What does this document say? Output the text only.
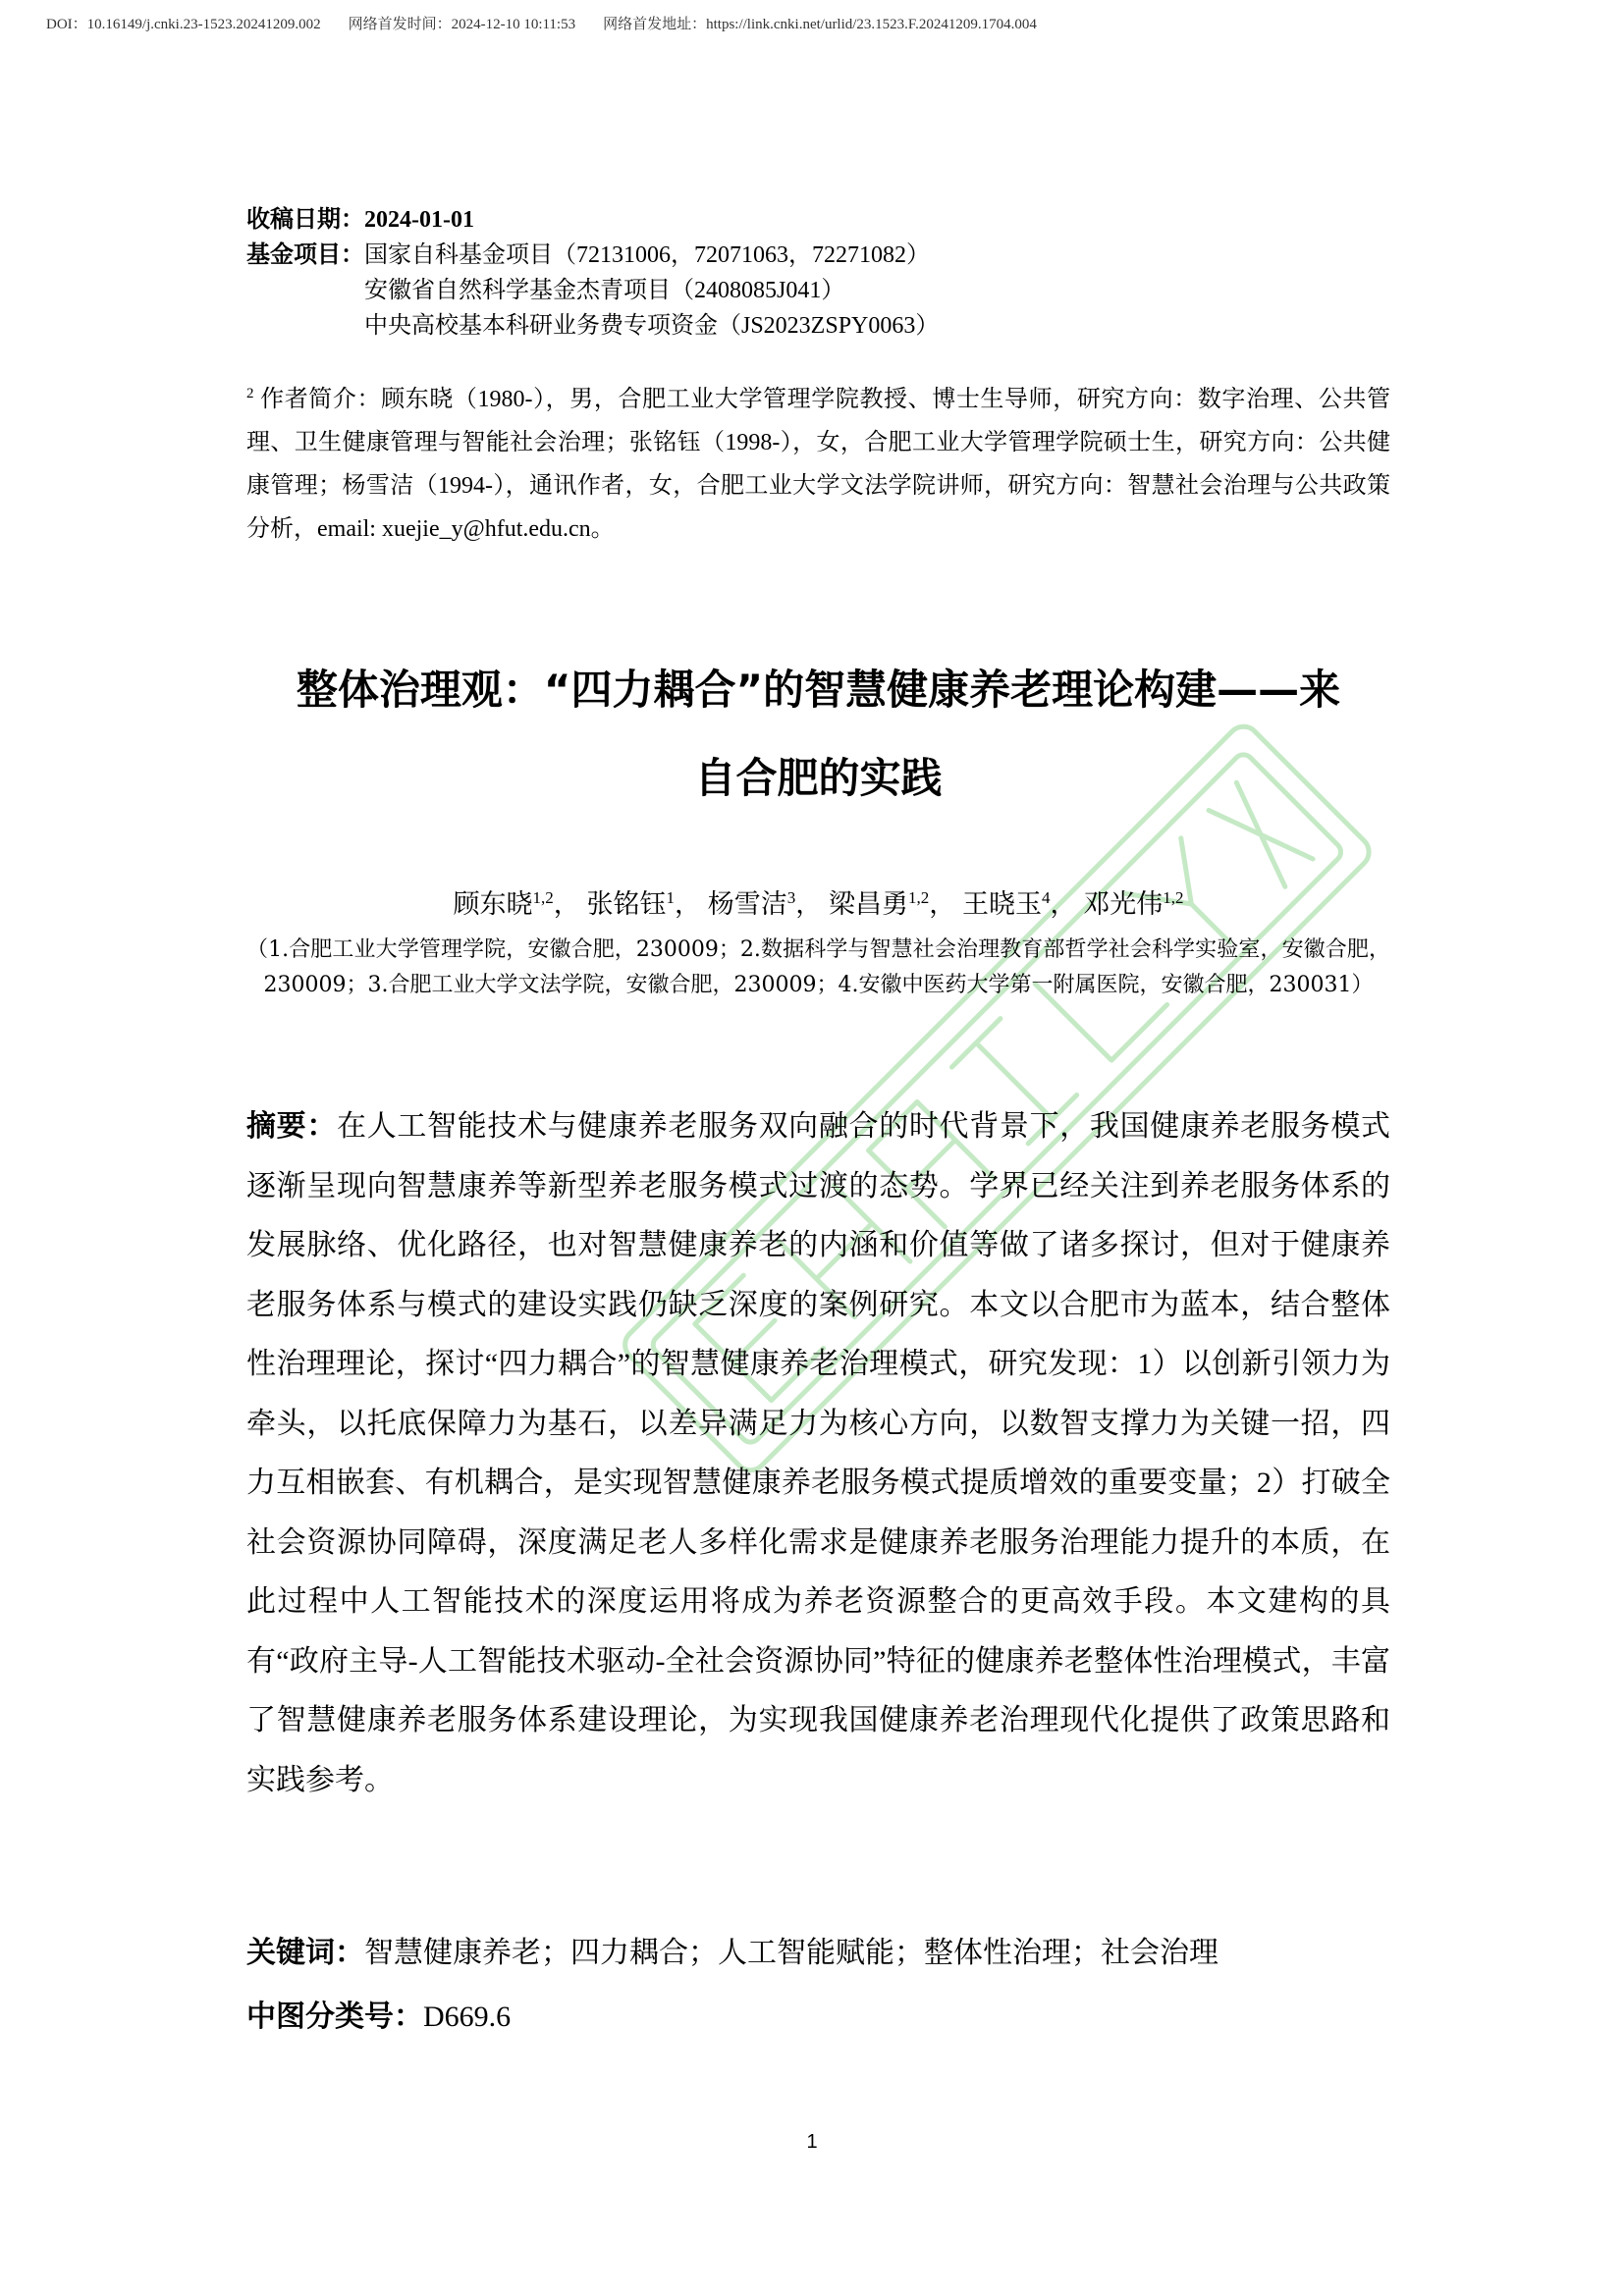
DOI：10.16149/j.cnki.23-1523.20241209.002 网络首发时间：2024-12-10 10:11:53 网络首发地址：https://link.cnki.net/urlid/23.1523.F.20241209.1704.004
收稿日期： 2024-01-01
基金项目： 国家自科基金项目（72131006，72071063，72271082）
安徽省自然科学基金杰青项目（2408085J041）
中央高校基本科研业务费专项资金（JS2023ZSPY0063）
$^2$ 作者简介：顾东晓（1980-），男，合肥工业大学管理学院教授、博士生导师，研究方向：数字治理、公共管理、卫生健康管理与智能社会治理；张铭钰（1998-），女，合肥工业大学管理学院硕士生，研究方向：公共健康管理；杨雪洁（1994-），通讯作者，女，合肥工业大学文法学院讲师，研究方向：智慧社会治理与公共政策分析，email: xuejie_y@hfut.edu.cn。
整体治理观：“四力耦合”的智慧健康养老理论构建——来
自合肥的实践
顾东晓$^{1,2}$， 张铭钰$^1$， 杨雪洁$^3$， 梁昌勇$^{1,2}$， 王晓玉$^4$， 邓光伟$^{1,2}$
（1.合肥工业大学管理学院，安徽合肥，230009；2.数据科学与智慧社会治理教育部哲学社会科学实验室，安徽合肥，230009；3.合肥工业大学文法学院，安徽合肥，230009；4.安徽中医药大学第一附属医院，安徽合肥，230031）
摘要：在人工智能技术与健康养老服务双向融合的时代背景下，我国健康养老服务模式逐渐呈现向智慧康养等新型养老服务模式过渡的态势。学界已经关注到养老服务体系的发展脉络、优化路径，也对智慧健康养老的内涵和价值等做了诸多探讨，但对于健康养老服务体系与模式的建设实践仍缺乏深度的案例研究。本文以合肥市为蓝本，结合整体性治理理论，探讨“四力耦合”的智慧健康养老治理模式，研究发现：1）以创新引领力为牵头，以托底保障力为基石，以差异满足力为核心方向，以数智支撑力为关键一招，四力互相嵌套、有机耦合，是实现智慧健康养老服务模式提质增效的重要变量；2）打破全社会资源协同障碍，深度满足老人多样化需求是健康养老服务治理能力提升的本质，在此过程中人工智能技术的深度运用将成为养老资源整合的更高效手段。本文建构的具有“政府主导-人工智能技术驱动-全社会资源协同”特征的健康养老整体性治理模式，丰富了智慧健康养老服务体系建设理论，为实现我国健康养老治理现代化提供了政策思路和实践参考。
关键词：智慧健康养老；四力耦合；人工智能赋能；整体性治理；社会治理
中图分类号：D669.6
1
